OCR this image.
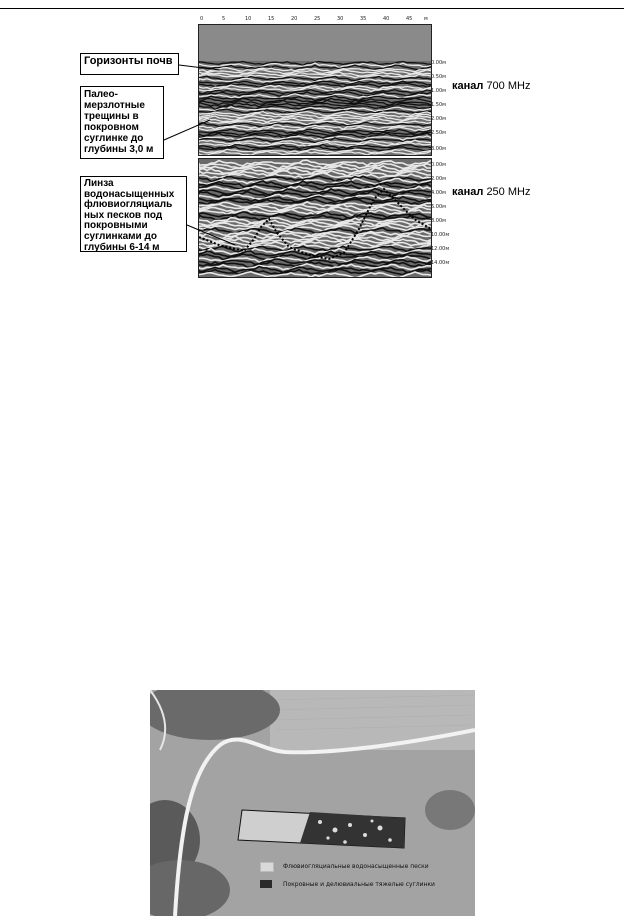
0	5	10	15	20	25	30	35	40	45 м
0.00м
0.50м
1.00м
1.50м
2.00м
2.50м
3.00м
0.00м
2.00м
4.00м
6.00м
8.00м
10.00м
12.00м
14.00м
Горизонты почв
Палео-
мерзлотные
трещины в
покровном
суглинке до
глубины 3,0 м
Линза
водонасыщенных
флювиогляциаль
ных песков под
покровными
суглинками до
глубины 6-14 м
канал 700 MHz
канал 250 MHz
Флювиогляциальные водонасыщенные пески
Покровные и делювиальные тяжелые суглинки
